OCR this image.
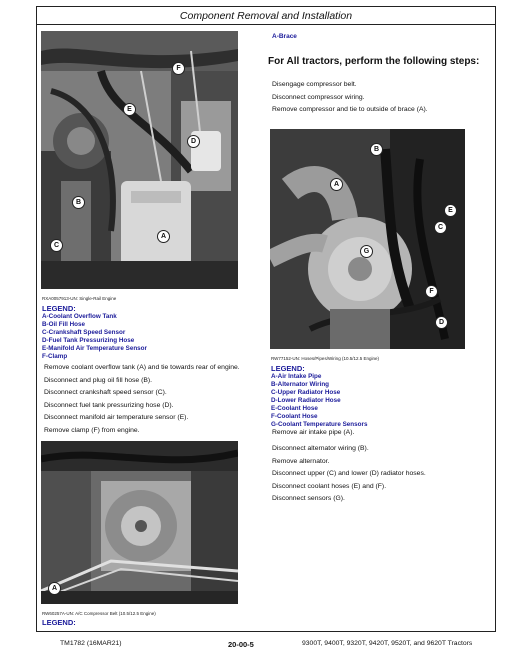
Component Removal and Installation
F
E
D
B
C
A
RXA0057913-UN: Single-Rail Engine
LEGEND:
A-Coolant Overflow Tank
B-Oil Fill Hose
C-Crankshaft Speed Sensor
D-Fuel Tank Pressurizing Hose
E-Manifold Air Temperature Sensor
F-Clamp
Remove coolant overflow tank (A) and tie towards rear of engine.
Disconnect and plug oil fill hose (B).
Disconnect crankshaft speed sensor (C).
Disconnect fuel tank pressurizing hose (D).
Disconnect manifold air temperature sensor (E).
Remove clamp (F) from engine.
A
RW60257A-UN: A/C Compressor Belt (10.5/12.5 Engine)
LEGEND:
A-Brace
For All tractors, perform the following steps:
Disengage compressor belt.
Disconnect compressor wiring.
Remove compressor and tie to outside of brace (A).
B
A
E
C
G
F
D
RW77152-UN: Hoses/Pipes/Wiring (10.5/12.5 Engine)
LEGEND:
A-Air Intake Pipe
B-Alternator Wiring
C-Upper Radiator Hose
D-Lower Radiator Hose
E-Coolant Hose
F-Coolant Hose
G-Coolant Temperature Sensors
Remove air intake pipe (A).
Disconnect alternator wiring (B).
Remove alternator.
Disconnect upper (C) and lower (D) radiator hoses.
Disconnect coolant hoses (E) and (F).
Disconnect sensors (G).
TM1782 (16MAR21)	20-00-5	9300T, 9400T, 9320T, 9420T, 9520T, and 9620T Tractors
